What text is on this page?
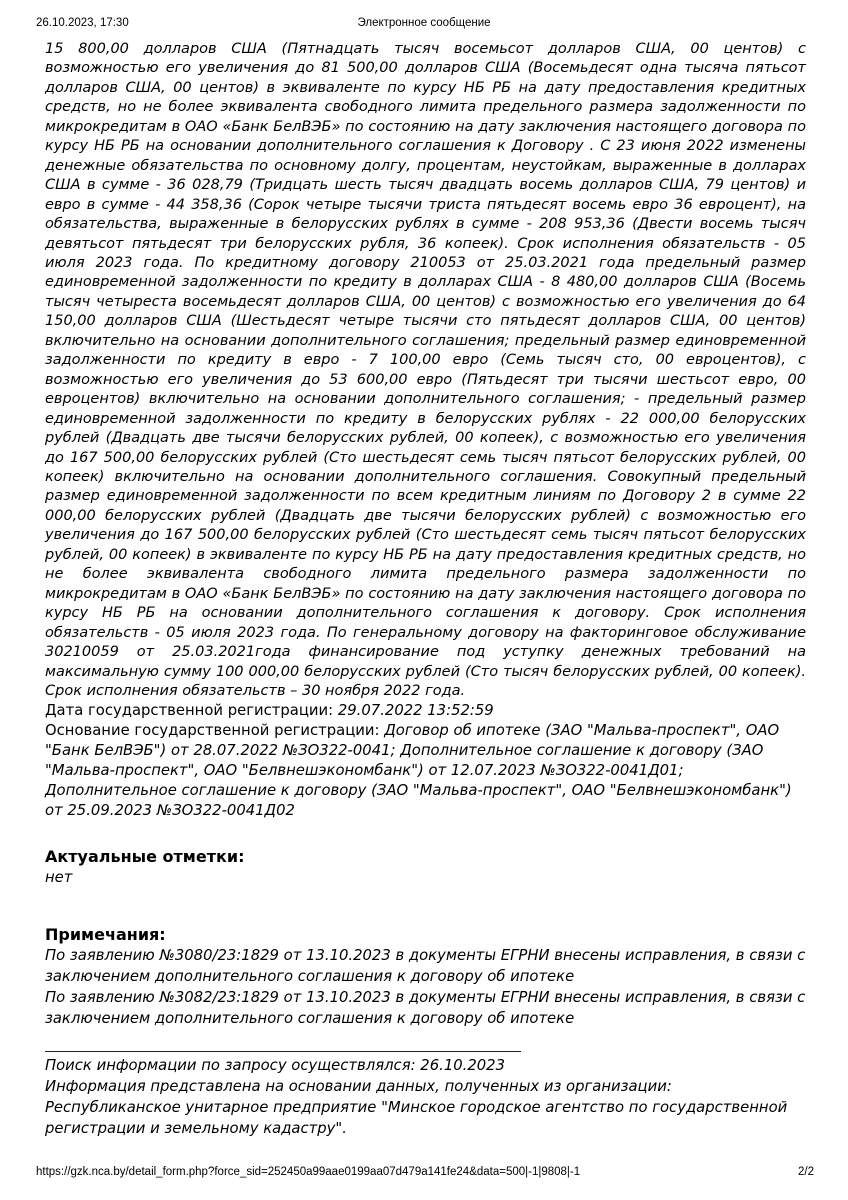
26.10.2023, 17:30	Электронное сообщение

15 800,00 долларов США (Пятнадцать тысяч восемьсот долларов США, 00 центов) с возможностью его увеличения до 81 500,00 долларов США (Восемьдесят одна тысяча пятьсот долларов США, 00 центов) в эквиваленте по курсу НБ РБ на дату предоставления кредитных средств, но не более эквивалента свободного лимита предельного размера задолженности по микрокредитам в ОАО «Банк БелВЭБ» по состоянию на дату заключения настоящего договора по курсу НБ РБ на основании дополнительного соглашения к Договору . С 23 июня 2022 изменены денежные обязательства по основному долгу, процентам, неустойкам, выраженные в долларах США в сумме - 36 028,79 (Тридцать шесть тысяч двадцать восемь долларов США, 79 центов) и евро в сумме - 44 358,36 (Сорок четыре тысячи триста пятьдесят восемь евро 36 евроцент), на обязательства, выраженные в белорусских рублях в сумме - 208 953,36 (Двести восемь тысяч девятьсот пятьдесят три белорусских рубля, 36 копеек). Срок исполнения обязательств - 05 июля 2023 года. По кредитному договору 210053 от 25.03.2021 года предельный размер единовременной задолженности по кредиту в долларах США - 8 480,00 долларов США (Восемь тысяч четыреста восемьдесят долларов США, 00 центов) с возможностью его увеличения до 64 150,00 долларов США (Шестьдесят четыре тысячи сто пятьдесят долларов США, 00 центов) включительно на основании дополнительного соглашения; предельный размер единовременной задолженности по кредиту в евро - 7 100,00 евро (Семь тысяч сто, 00 евроцентов), с возможностью его увеличения до 53 600,00 евро (Пятьдесят три тысячи шестьсот евро, 00 евроцентов) включительно на основании дополнительного соглашения; - предельный размер единовременной задолженности по кредиту в белорусских рублях - 22 000,00 белорусских рублей (Двадцать две тысячи белорусских рублей, 00 копеек), с возможностью его увеличения до 167 500,00 белорусских рублей (Сто шестьдесят семь тысяч пятьсот белорусских рублей, 00 копеек) включительно на основании дополнительного соглашения. Совокупный предельный размер единовременной задолженности по всем кредитным линиям по Договору 2 в сумме 22 000,00 белорусских рублей (Двадцать две тысячи белорусских рублей) с возможностью его увеличения до 167 500,00 белорусских рублей (Сто шестьдесят семь тысяч пятьсот белорусских рублей, 00 копеек) в эквиваленте по курсу НБ РБ на дату предоставления кредитных средств, но не более эквивалента свободного лимита предельного размера задолженности по микрокредитам в ОАО «Банк БелВЭБ» по состоянию на дату заключения настоящего договора по курсу НБ РБ на основании дополнительного соглашения к договору. Срок исполнения обязательств - 05 июля 2023 года. По генеральному договору на факторинговое обслуживание 30210059 от 25.03.2021года финансирование под уступку денежных требований на максимальную сумму 100 000,00 белорусских рублей (Сто тысяч белорусских рублей, 00 копеек). Срок исполнения обязательств – 30 ноября 2022 года.

Дата государственной регистрации: 29.07.2022 13:52:59

Основание государственной регистрации: Договор об ипотеке (ЗАО "Мальва-проспект", ОАО "Банк БелВЭБ") от 28.07.2022 №ЗО322-0041; Дополнительное соглашение к договору (ЗАО "Мальва-проспект", ОАО "Белвнешэкономбанк") от 12.07.2023 №ЗО322-0041Д01; Дополнительное соглашение к договору (ЗАО "Мальва-проспект", ОАО "Белвнешэкономбанк") от 25.09.2023 №ЗО322-0041Д02

Актуальные отметки:

нет

Примечания:

По заявлению №3080/23:1829 от 13.10.2023 в документы ЕГРНИ внесены исправления, в связи с заключением дополнительного соглашения к договору об ипотеке

По заявлению №3082/23:1829 от 13.10.2023 в документы ЕГРНИ внесены исправления, в связи с заключением дополнительного соглашения к договору об ипотеке

Поиск информации по запросу осуществлялся: 26.10.2023

Информация представлена на основании данных, полученных из организации: Республиканское унитарное предприятие "Минское городское агентство по государственной регистрации и земельному кадастру".

https://gzk.nca.by/detail_form.php?force_sid=252450a99aae0199aa07d479a141fe24&data=500|-1|9808|-1	2/2
